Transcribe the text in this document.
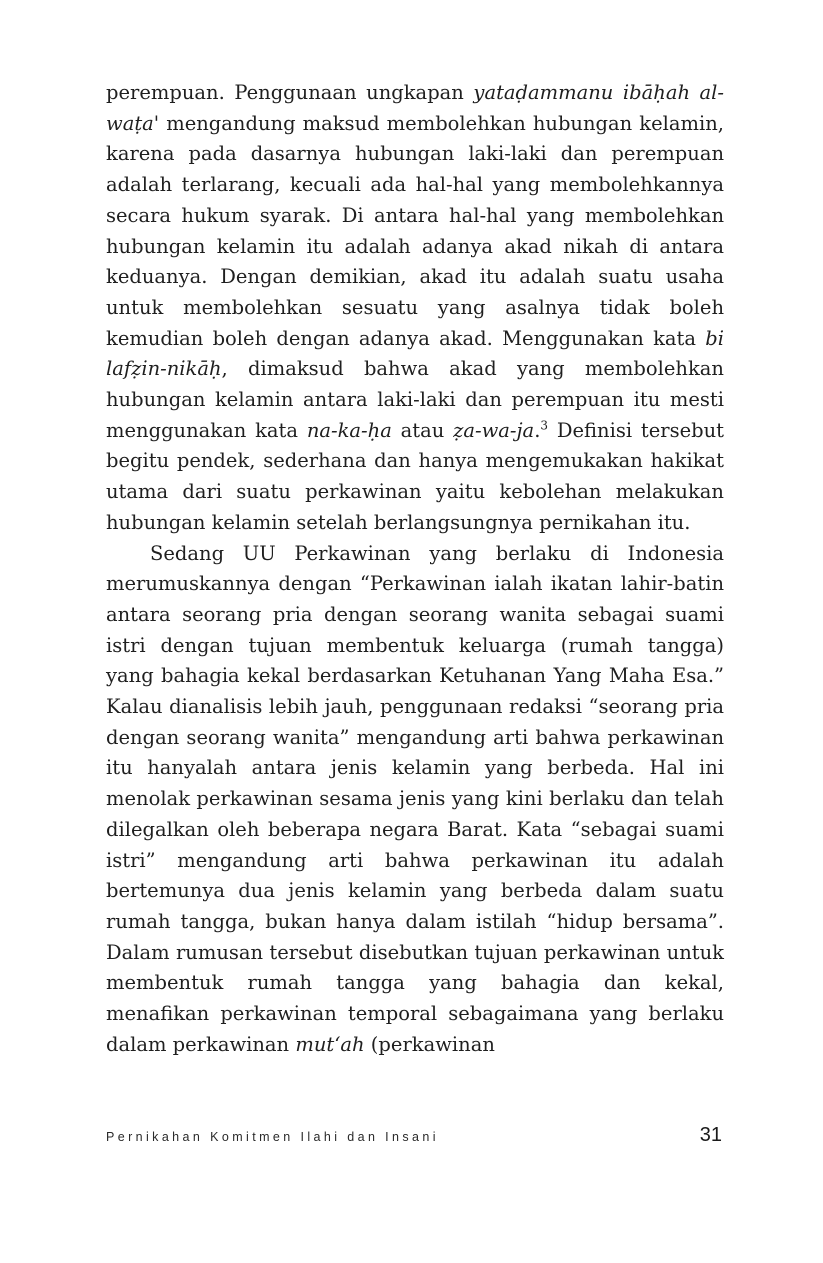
perempuan. Penggunaan ungkapan yataḍammanu ibāḥah al-waṭa' mengandung maksud membolehkan hubungan kelamin, karena pada dasarnya hubungan laki-laki dan perempuan adalah terlarang, kecuali ada hal-hal yang membolehkannya secara hukum syarak. Di antara hal-hal yang membolehkan hubungan kelamin itu adalah adanya akad nikah di antara keduanya. Dengan demikian, akad itu adalah suatu usaha untuk membolehkan sesuatu yang asalnya tidak boleh kemudian boleh dengan adanya akad. Menggunakan kata bi lafẓin-nikāḥ, dimaksud bahwa akad yang membolehkan hubungan kelamin antara laki-laki dan perempuan itu mesti menggunakan kata na-ka-ḥa atau ẓa-wa-ja.$^3$ Definisi tersebut begitu pendek, sederhana dan hanya mengemukakan hakikat utama dari suatu perkawinan yaitu kebolehan melakukan hubungan kelamin setelah berlangsungnya pernikahan itu.

Sedang UU Perkawinan yang berlaku di Indonesia merumuskannya dengan “Perkawinan ialah ikatan lahir-batin antara seorang pria dengan seorang wanita sebagai suami istri dengan tujuan membentuk keluarga (rumah tangga) yang bahagia kekal berdasarkan Ketuhanan Yang Maha Esa.” Kalau dianalisis lebih jauh, penggunaan redaksi “seorang pria dengan seorang wanita” mengandung arti bahwa perkawinan itu hanyalah antara jenis kelamin yang berbeda. Hal ini menolak perkawinan sesama jenis yang kini berlaku dan telah dilegalkan oleh beberapa negara Barat. Kata “sebagai suami istri” mengandung arti bahwa perkawinan itu adalah bertemunya dua jenis kelamin yang berbeda dalam suatu rumah tangga, bukan hanya dalam istilah “hidup bersama”. Dalam rumusan tersebut disebutkan tujuan perkawinan untuk membentuk rumah tangga yang bahagia dan kekal, menafikan perkawinan temporal sebagaimana yang berlaku dalam perkawinan mut‘ah (perkawinan

Pernikahan Komitmen Ilahi dan Insani	31
